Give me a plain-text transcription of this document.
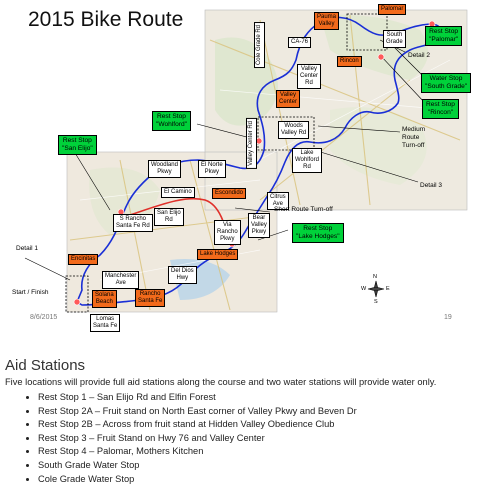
2015 Bike Route
Lomas
Santa Fe
Manchester
Ave
S Rancho
Santa Fe Rd
San Elijo
Rd
El Camino
Woodland
Pkwy
El Norte
Pkwy
Via
Rancho
Pkwy
Del Dios
Hwy
Bear
Valley
Pkwy
Citrus
Ave
Lake
Wohlford
Rd
Woods
Valley Rd
Valley
Center
Rd
CA-76
South
Grade
Cole Grade Rd
Valley Center Rd
Encinitas
Solana
Beach
Rancho
Santa Fe
Escondido
Lake Hodges
Valley
Center
Rincon
Pauma
Valley
Palomar
Rest Stop
"San Elijo"
Rest Stop
"Wohlford"
Rest Stop
"Lake Hodges"
Rest Stop
"Palomar"
Water Stop
"South Grade"
Rest Stop
"Rincon"
Detail 1
Detail 2
Detail 3
Start / Finish
Short Route Turn-off
Medium
Route
Turn-off
N
S
E
W
8/6/2015	19
Aid Stations
Five locations will provide full aid stations along the course and two water stations will provide water only.
• Rest Stop 1 – San Elijo Rd and Elfin Forest
• Rest Stop 2A – Fruit stand on North East corner of Valley Pkwy and Beven Dr
• Rest Stop 2B – Across from fruit stand at Hidden Valley Obedience Club
• Rest Stop 3 – Fruit Stand on Hwy 76 and Valley Center
• Rest Stop 4 – Palomar, Mothers Kitchen
• South Grade Water Stop
• Cole Grade Water Stop
